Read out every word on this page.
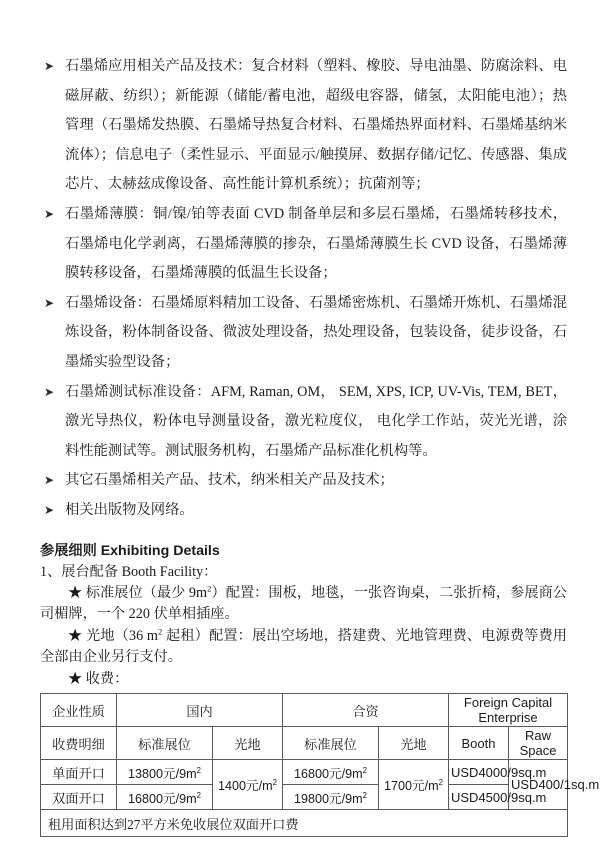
➤ 石墨烯应用相关产品及技术：复合材料（塑料、橡胶、导电油墨、防腐涂料、电磁屏蔽、纺织）；新能源（储能/蓄电池，超级电容器，储氢，太阳能电池）；热管理（石墨烯发热膜、石墨烯导热复合材料、石墨烯热界面材料、石墨烯基纳米流体）；信息电子（柔性显示、平面显示/触摸屏、数据存储/记忆、传感器、集成芯片、太赫兹成像设备、高性能计算机系统）；抗菌剂等；
➤ 石墨烯薄膜：铜/镍/铂等表面 CVD 制备单层和多层石墨烯，石墨烯转移技术，石墨烯电化学剥离，石墨烯薄膜的掺杂，石墨烯薄膜生长 CVD 设备，石墨烯薄膜转移设备，石墨烯薄膜的低温生长设备；
➤ 石墨烯设备：石墨烯原料精加工设备、石墨烯密炼机、石墨烯开炼机、石墨烯混炼设备，粉体制备设备、微波处理设备，热处理设备，包装设备，徒步设备，石墨烯实验型设备；
➤ 石墨烯测试标准设备：AFM, Raman, OM， SEM, XPS, ICP, UV-Vis, TEM, BET， 激光导热仪，粉体电导测量设备，激光粒度仪， 电化学工作站，荧光光谱，涂料性能测试等。测试服务机构，石墨烯产品标准化机构等。
➤ 其它石墨烯相关产品、技术，纳米相关产品及技术；
➤ 相关出版物及网络。
参展细则 Exhibiting Details
1、展台配备 Booth Facility：

★ 标准展位（最少 $9m^2$）配置：围板，地毯，一张咨询桌，二张折椅，参展商公司楣牌，一个 220 伏单相插座。

★ 光地（36 $m^2$ 起租）配置：展出空场地，搭建费、光地管理费、电源费等费用全部由企业另行支付。

★ 收费：

企业性质	国内		合资		Foreign Capital Enterprise	
收费明细	标准展位	光地	标准展位	光地	Booth	Raw Space
单面开口	13800元$/9m^2$	1400元$/m^2$	16800元$/9m^2$	1700元$/m^2$	USD4000/9sq.m	USD400/1sq.m
双面开口	16800元$/9m^2$		19800元$/9m^2$		USD4500/9sq.m	
租用面积达到27平方米免收展位双面开口费						
